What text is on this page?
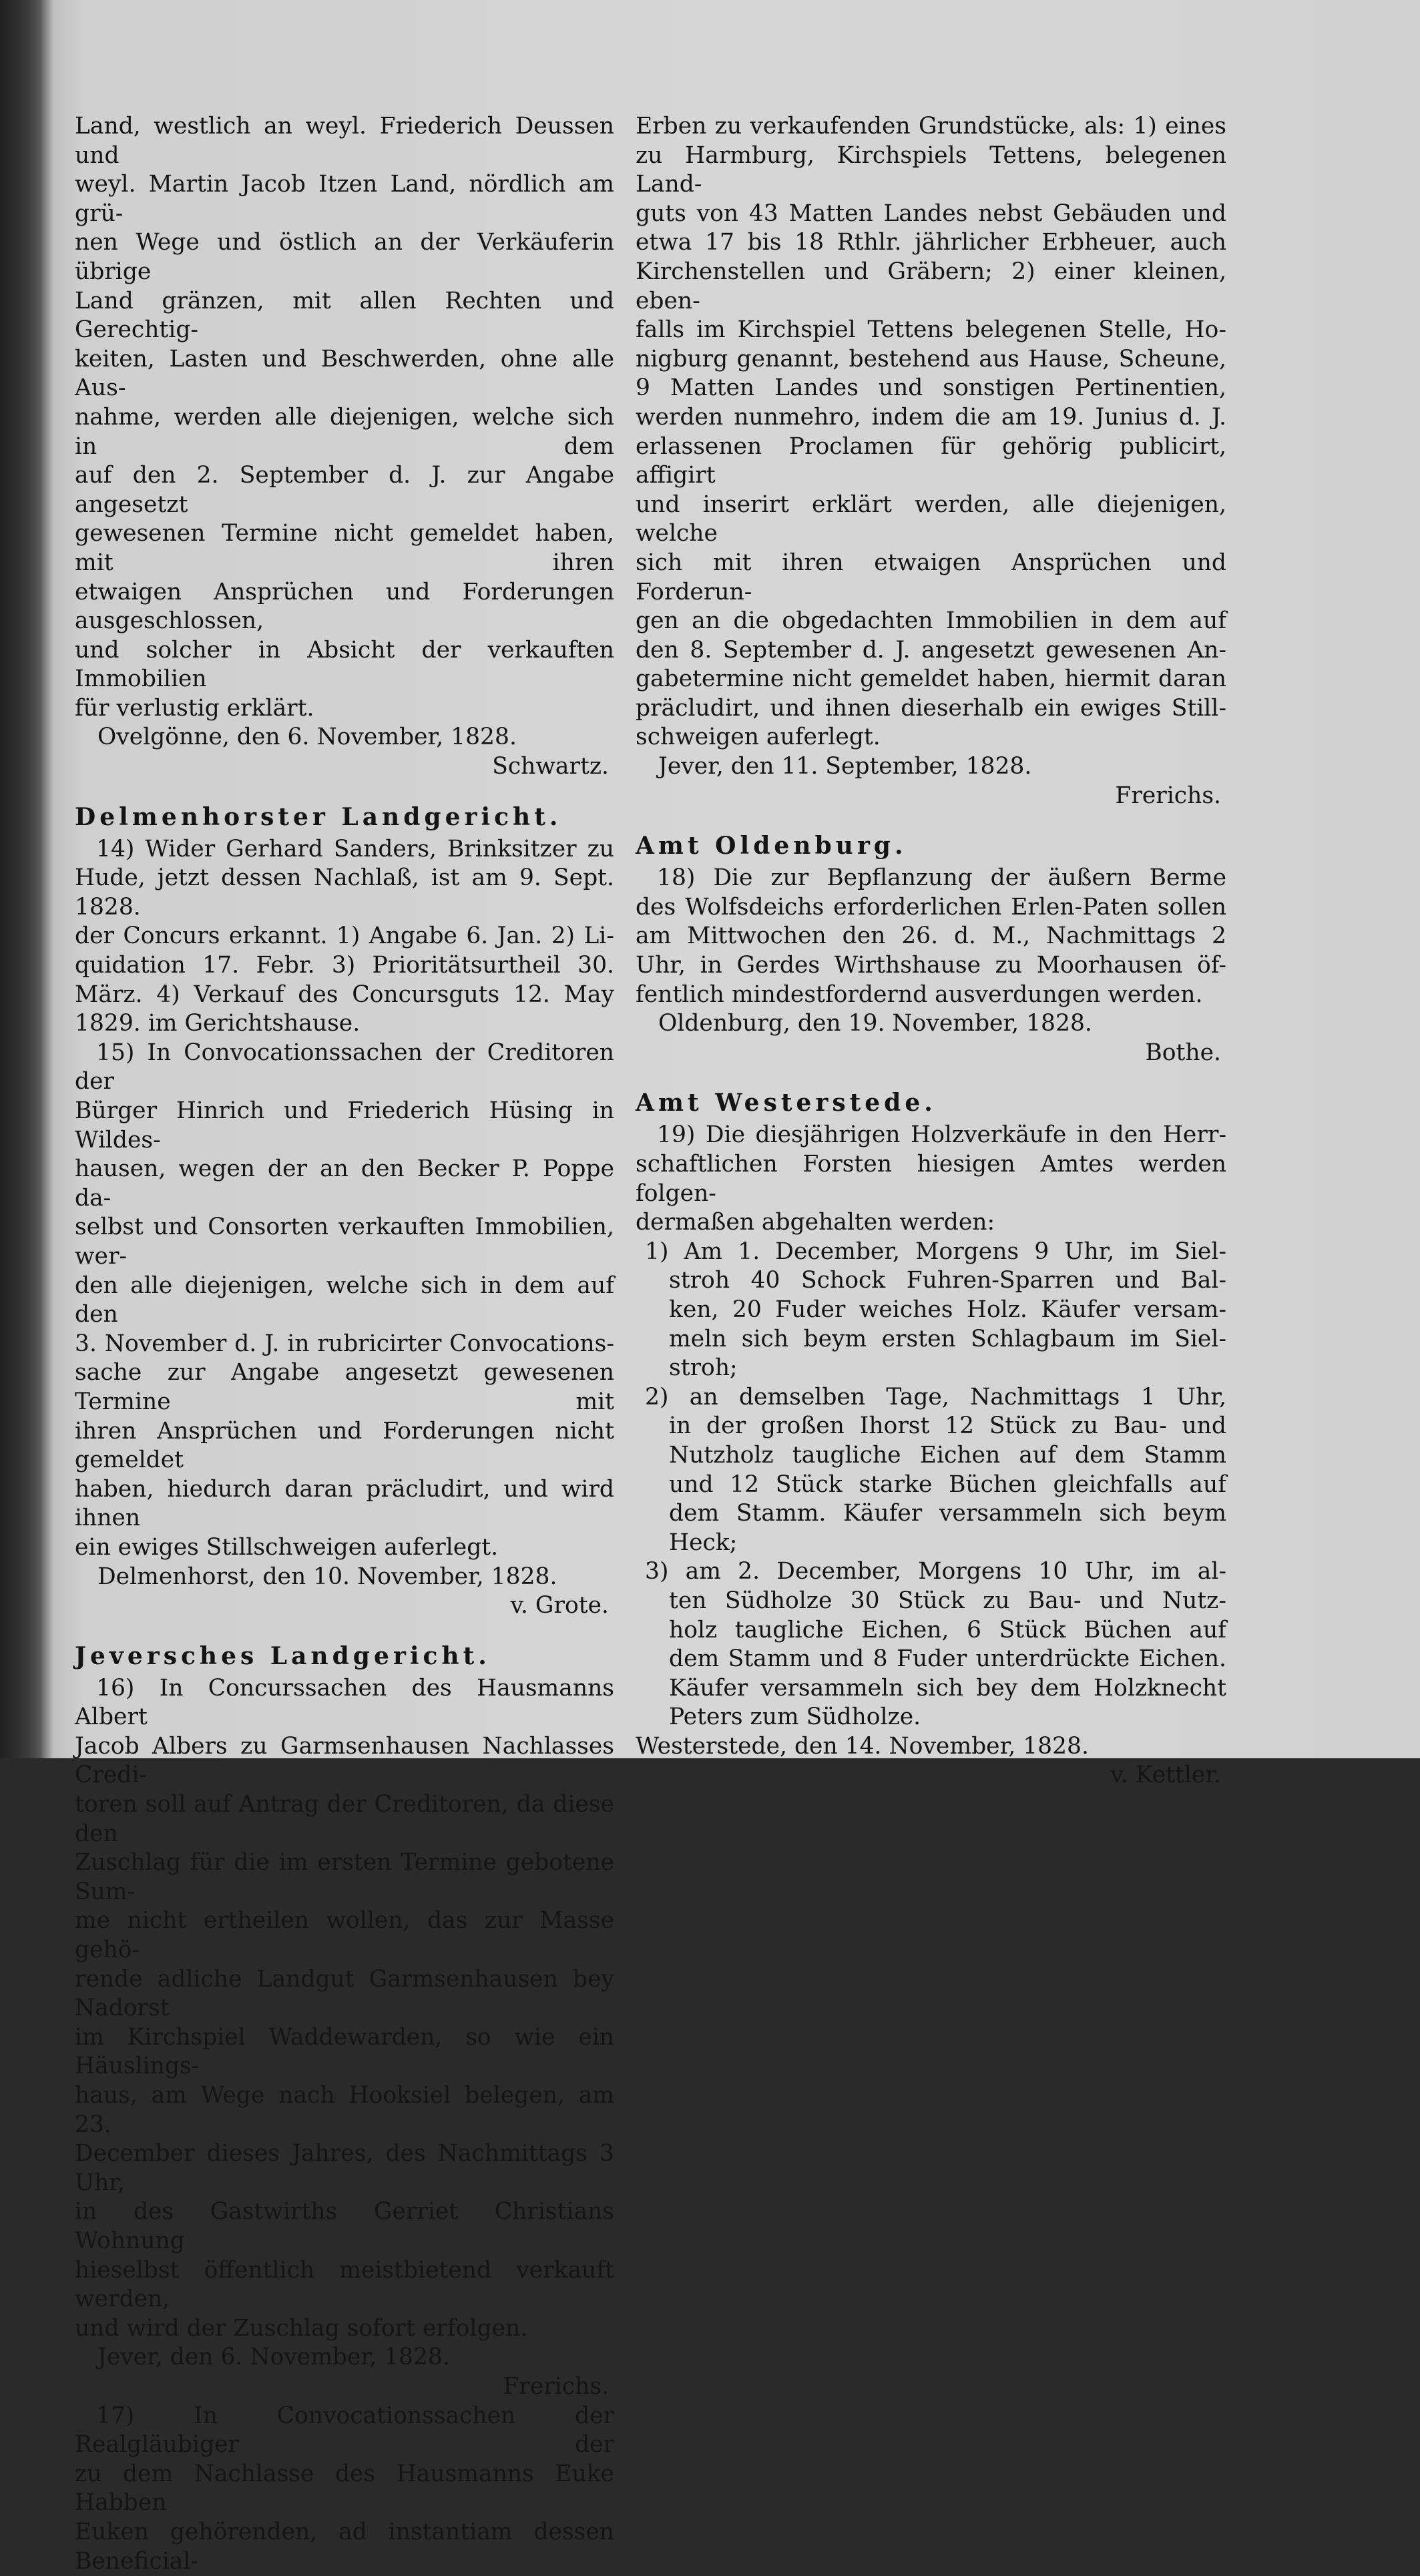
Land, westlich an weyl. Friederich Deussen und

weyl. Martin Jacob Itzen Land, nördlich am grü-

nen Wege und östlich an der Verkäuferin übrige

Land gränzen, mit allen Rechten und Gerechtig-

keiten, Lasten und Beschwerden, ohne alle Aus-

nahme, werden alle diejenigen, welche sich in dem

auf den 2. September d. J. zur Angabe angesetzt

gewesenen Termine nicht gemeldet haben, mit ihren

etwaigen Ansprüchen und Forderungen ausgeschlossen,

und solcher in Absicht der verkauften Immobilien

für verlustig erklärt.

Ovelgönne, den 6. November, 1828.

Schwartz.

Delmenhorster Landgericht.

14) Wider Gerhard Sanders, Brinksitzer zu

Hude, jetzt dessen Nachlaß, ist am 9. Sept. 1828.

der Concurs erkannt. 1) Angabe 6. Jan. 2) Li-

quidation 17. Febr. 3) Prioritätsurtheil 30.

März. 4) Verkauf des Concursguts 12. May

1829. im Gerichtshause.

15) In Convocationssachen der Creditoren der

Bürger Hinrich und Friederich Hüsing in Wildes-

hausen, wegen der an den Becker P. Poppe da-

selbst und Consorten verkauften Immobilien, wer-

den alle diejenigen, welche sich in dem auf den

3. November d. J. in rubricirter Convocations-

sache zur Angabe angesetzt gewesenen Termine mit

ihren Ansprüchen und Forderungen nicht gemeldet

haben, hiedurch daran präcludirt, und wird ihnen

ein ewiges Stillschweigen auferlegt.

Delmenhorst, den 10. November, 1828.

v. Grote.

Jeversches Landgericht.

16) In Concurssachen des Hausmanns Albert

Jacob Albers zu Garmsenhausen Nachlasses Credi-

toren soll auf Antrag der Creditoren, da diese den

Zuschlag für die im ersten Termine gebotene Sum-

me nicht ertheilen wollen, das zur Masse gehö-

rende adliche Landgut Garmsenhausen bey Nadorst

im Kirchspiel Waddewarden, so wie ein Häuslings-

haus, am Wege nach Hooksiel belegen, am 23.

December dieses Jahres, des Nachmittags 3 Uhr,

in des Gastwirths Gerriet Christians Wohnung

hieselbst öffentlich meistbietend verkauft werden,

und wird der Zuschlag sofort erfolgen.

Jever, den 6. November, 1828.

Frerichs.

17) In Convocationssachen der Realgläubiger der

zu dem Nachlasse des Hausmanns Euke Habben

Euken gehörenden, ad instantiam dessen Beneficial-

Erben zu verkaufenden Grundstücke, als: 1) eines

zu Harmburg, Kirchspiels Tettens, belegenen Land-

guts von 43 Matten Landes nebst Gebäuden und

etwa 17 bis 18 Rthlr. jährlicher Erbheuer, auch

Kirchenstellen und Gräbern; 2) einer kleinen, eben-

falls im Kirchspiel Tettens belegenen Stelle, Ho-

nigburg genannt, bestehend aus Hause, Scheune,

9 Matten Landes und sonstigen Pertinentien,

werden nunmehro, indem die am 19. Junius d. J.

erlassenen Proclamen für gehörig publicirt, affigirt

und inserirt erklärt werden, alle diejenigen, welche

sich mit ihren etwaigen Ansprüchen und Forderun-

gen an die obgedachten Immobilien in dem auf

den 8. September d. J. angesetzt gewesenen An-

gabetermine nicht gemeldet haben, hiermit daran

präcludirt, und ihnen dieserhalb ein ewiges Still-

schweigen auferlegt.

Jever, den 11. September, 1828.

Frerichs.

Amt Oldenburg.

18) Die zur Bepflanzung der äußern Berme

des Wolfsdeichs erforderlichen Erlen-Paten sollen

am Mittwochen den 26. d. M., Nachmittags 2

Uhr, in Gerdes Wirthshause zu Moorhausen öf-

fentlich mindestfordernd ausverdungen werden.

Oldenburg, den 19. November, 1828.

Bothe.

Amt Westerstede.

19) Die diesjährigen Holzverkäufe in den Herr-

schaftlichen Forsten hiesigen Amtes werden folgen-

dermaßen abgehalten werden:

1) Am 1. December, Morgens 9 Uhr, im Siel-

stroh 40 Schock Fuhren-Sparren und Bal-

ken, 20 Fuder weiches Holz. Käufer versam-

meln sich beym ersten Schlagbaum im Siel-

stroh;

2) an demselben Tage, Nachmittags 1 Uhr,

in der großen Ihorst 12 Stück zu Bau- und

Nutzholz taugliche Eichen auf dem Stamm

und 12 Stück starke Büchen gleichfalls auf

dem Stamm. Käufer versammeln sich beym

Heck;

3) am 2. December, Morgens 10 Uhr, im al-

ten Südholze 30 Stück zu Bau- und Nutz-

holz taugliche Eichen, 6 Stück Büchen auf

dem Stamm und 8 Fuder unterdrückte Eichen.

Käufer versammeln sich bey dem Holzknecht

Peters zum Südholze.

Westerstede, den 14. November, 1828.

v. Kettler.
